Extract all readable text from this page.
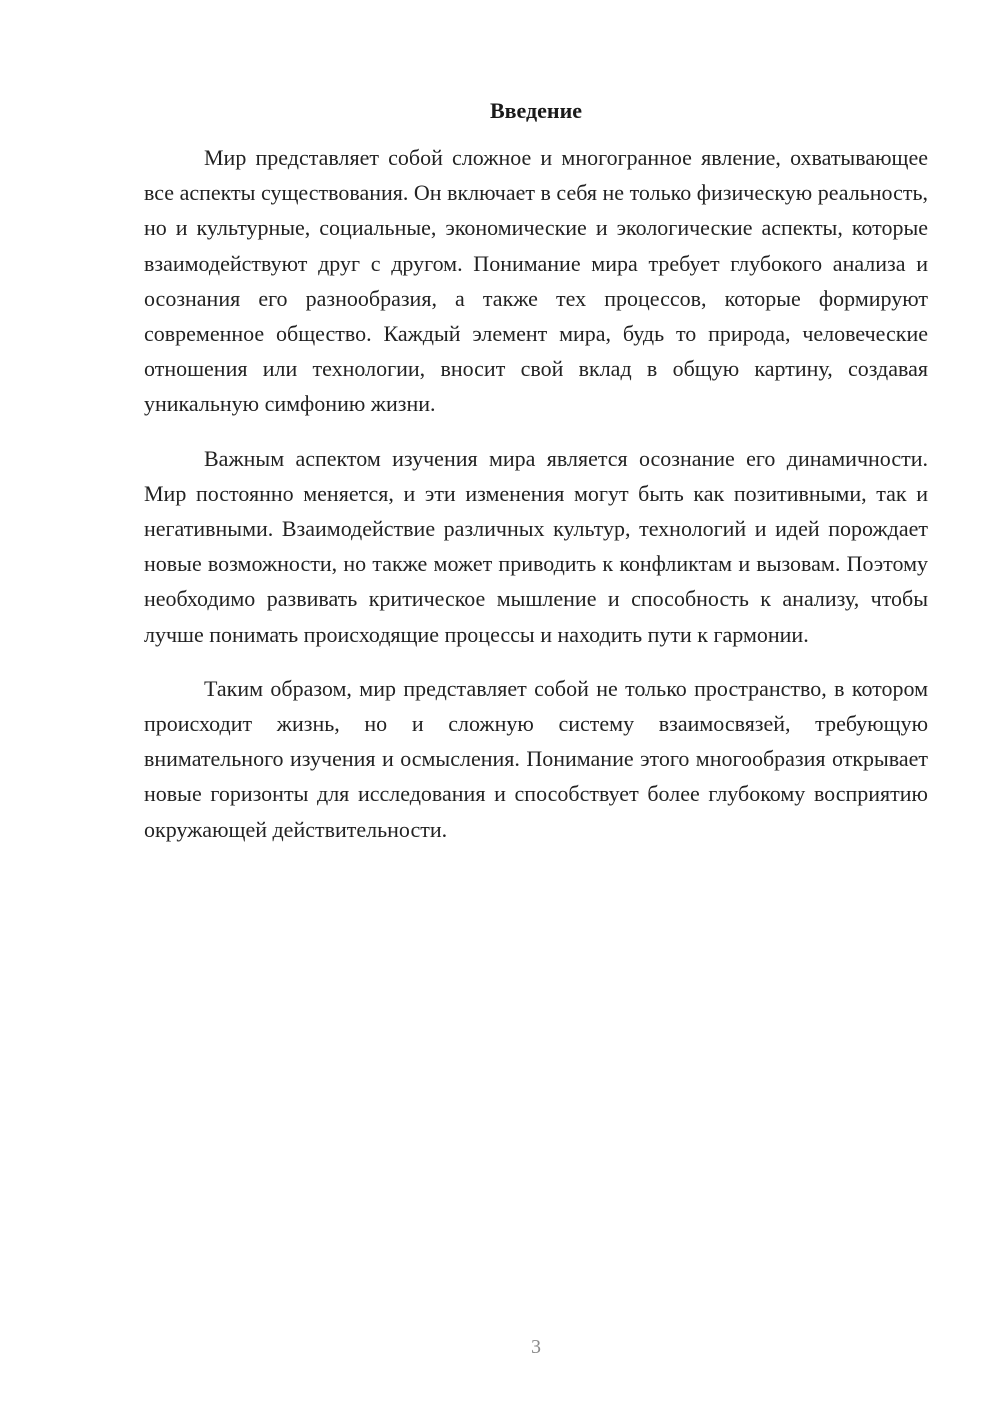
Введение

Мир представляет собой сложное и многогранное явление, охватывающее все аспекты существования. Он включает в себя не только физическую реальность, но и культурные, социальные, экономические и экологические аспекты, которые взаимодействуют друг с другом. Понимание мира требует глубокого анализа и осознания его разнообразия, а также тех процессов, которые формируют современное общество. Каждый элемент мира, будь то природа, человеческие отношения или технологии, вносит свой вклад в общую картину, создавая уникальную симфонию жизни.

Важным аспектом изучения мира является осознание его динамичности. Мир постоянно меняется, и эти изменения могут быть как позитивными, так и негативными. Взаимодействие различных культур, технологий и идей порождает новые возможности, но также может приводить к конфликтам и вызовам. Поэтому необходимо развивать критическое мышление и способность к анализу, чтобы лучше понимать происходящие процессы и находить пути к гармонии.

Таким образом, мир представляет собой не только пространство, в котором происходит жизнь, но и сложную систему взаимосвязей, требующую внимательного изучения и осмысления. Понимание этого многообразия открывает новые горизонты для исследования и способствует более глубокому восприятию окружающей действительности.

3
